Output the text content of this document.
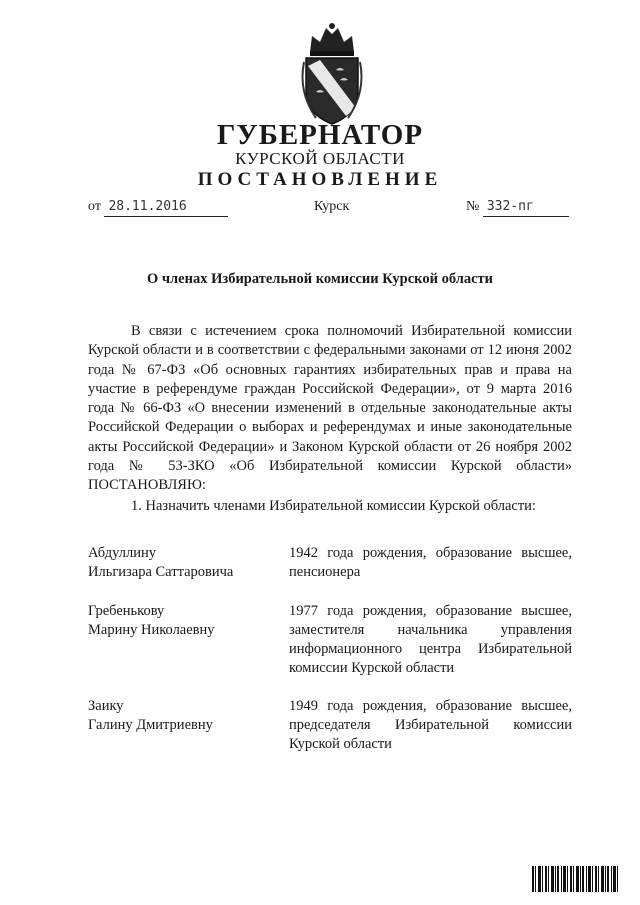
ГУБЕРНАТОР
КУРСКОЙ ОБЛАСТИ
ПОСТАНОВЛЕНИЕ
от 28.11.2016	Курск	№ 332-пг
О членах Избирательной комиссии Курской области

В связи с истечением срока полномочий Избирательной комиссии Курской области и в соответствии с федеральными законами от 12 июня 2002 года № 67-ФЗ «Об основных гарантиях избирательных прав и права на участие в референдуме граждан Российской Федерации», от 9 марта 2016 года № 66-ФЗ «О внесении изменений в отдельные законодательные акты Российской Федерации о выборах и референдумах и иные законодательные акты Российской Федерации» и Законом Курской области от 26 ноября 2002 года № 53-ЗКО «Об Избирательной комиссии Курской области» ПОСТАНОВЛЯЮ:

1. Назначить членами Избирательной комиссии Курской области:
Абдуллину
Ильгизара Саттаровича

1942 года рождения, образование высшее, пенсионера

Гребенькову
Марину Николаевну

1977 года рождения, образование высшее, заместителя начальника управления информационного центра Избирательной комиссии Курской области

Заику
Галину Дмитриевну

1949 года рождения, образование высшее, председателя Избирательной комиссии Курской области
